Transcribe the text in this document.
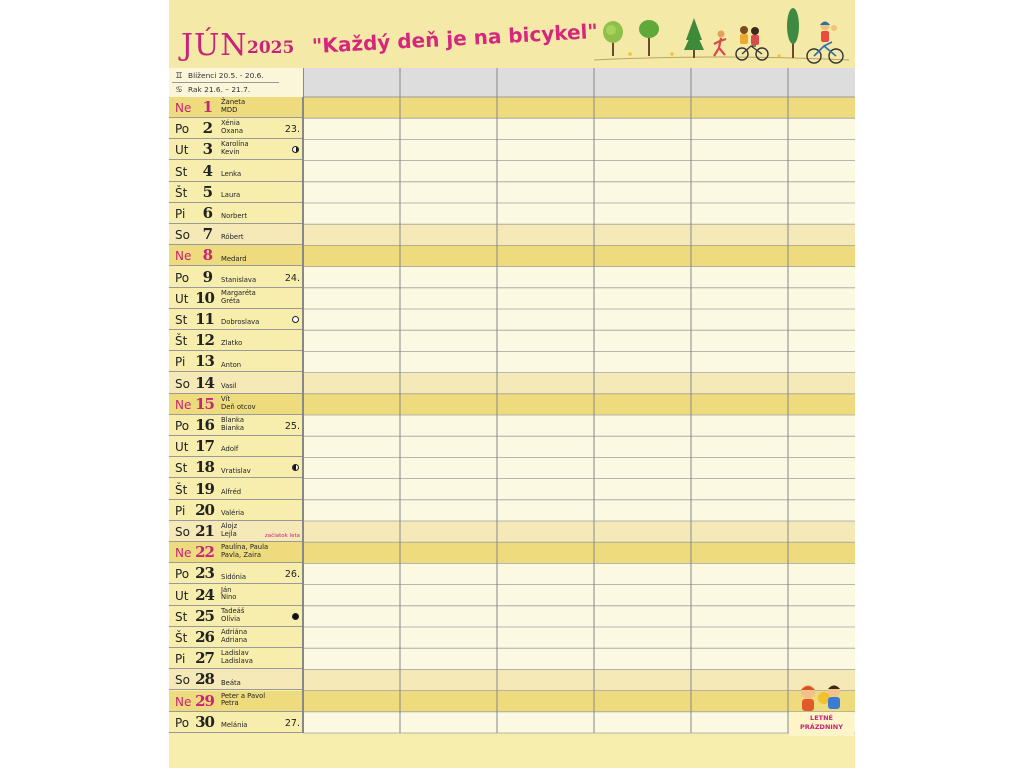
JÚN 2025 "Každý deň je na bicykel"
♊ Blíženci 20.5. - 20.6.
♋ Rak 21.6. – 21.7.
Ne 1 Žaneta
MDD
Po 2 Xénia
Oxana	23.
Ut 3 Karolína
Kevin
St	4 Lenka
Št	5 Laura
Pi	6 Norbert
So 7 Róbert
Ne 8 Medard
Po 9 Stanislava	24.
Ut 10 Margaréta
Gréta
St 11 Dobroslava
Št 12 Zlatko
Pi 13 Anton
So 14 Vasil
Ne 15 Vít
Deň otcov
Po 16 Blanka
Bianka	25.
Ut 17 Adolf
St 18 Vratislav
Št 19 Alfréd
Pi 20 Valéria
So 21 Alojz
Lejla	začiatok leta
Ne 22 Paulína, Paula
Pavla, Zaira
Po 23 Sidónia	26.
Ut 24 Ján
Nino
St 25 Tadeáš
Olívia
Št 26 Adriána
Adriana
Pi 27 Ladislav
Ladislava
So 28 Beáta
Ne 29 Peter a Pavol
Petra
Po 30 Melánia	27.	LETNÉ
PRÁZDNINY
